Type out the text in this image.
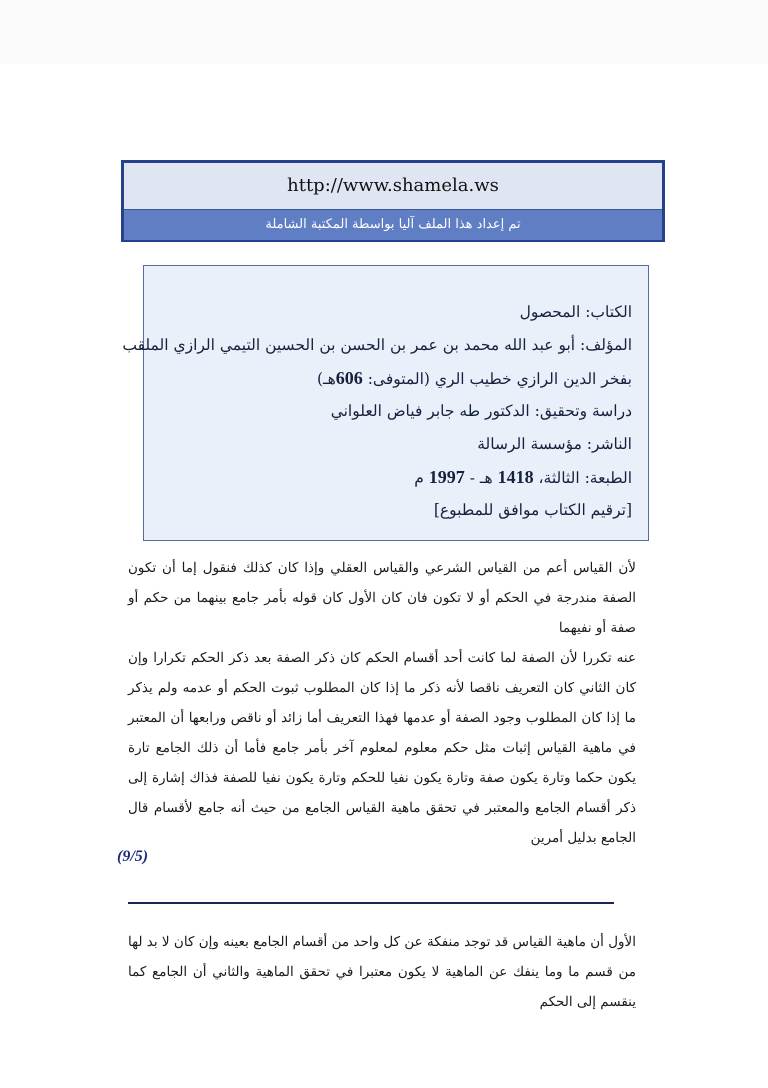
http://www.shamela.ws
تم إعداد هذا الملف آليا بواسطة المكتبة الشاملة
الكتاب: المحصول
المؤلف: أبو عبد الله محمد بن عمر بن الحسن بن الحسين التيمي الرازي الملقب
بفخر الدين الرازي خطيب الري (المتوفى: 606هـ)
دراسة وتحقيق: الدكتور طه جابر فياض العلواني
الناشر: مؤسسة الرسالة
الطبعة: الثالثة، 1418 هـ - 1997 م
[ترقيم الكتاب موافق للمطبوع]

لأن القياس أعم من القياس الشرعي والقياس العقلي وإذا كان كذلك فنقول إما أن تكون الصفة مندرجة في الحكم أو لا تكون فان كان الأول كان قوله بأمر جامع بينهما من حكم أو صفة أو نفيهما

عنه تكررا لأن الصفة لما كانت أحد أقسام الحكم كان ذكر الصفة بعد ذكر الحكم تكرارا وإن كان الثاني كان التعريف ناقصا لأنه ذكر ما إذا كان المطلوب ثبوت الحكم أو عدمه ولم يذكر ما إذا كان المطلوب وجود الصفة أو عدمها فهذا التعريف أما زائد أو ناقص ورابعها أن المعتبر في ماهية القياس إثبات مثل حكم معلوم لمعلوم آخر بأمر جامع فأما أن ذلك الجامع تارة يكون حكما وتارة يكون صفة وتارة يكون نفيا للحكم وتارة يكون نفيا للصفة فذاك إشارة إلى ذكر أقسام الجامع والمعتبر في تحقق ماهية القياس الجامع من حيث أنه جامع لأقسام قال الجامع بدليل أمرين

(9/5)

الأول أن ماهية القياس قد توجد منفكة عن كل واحد من أقسام الجامع بعينه وإن كان لا بد لها من قسم ما وما ينفك عن الماهية لا يكون معتبرا في تحقق الماهية والثاني أن الجامع كما ينقسم إلى الحكم
